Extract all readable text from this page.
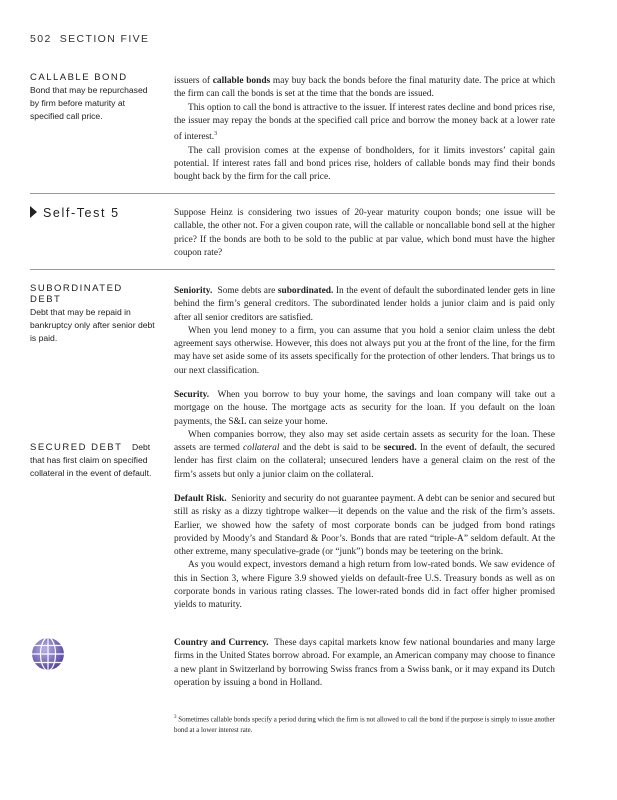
502 SECTION FIVE
CALLABLE BOND
Bond that may be repurchased by firm before maturity at specified call price.

issuers of callable bonds may buy back the bonds before the final maturity date. The price at which the firm can call the bonds is set at the time that the bonds are issued.

This option to call the bond is attractive to the issuer. If interest rates decline and bond prices rise, the issuer may repay the bonds at the specified call price and borrow the money back at a lower rate of interest.$^3$

The call provision comes at the expense of bondholders, for it limits investors’ capital gain potential. If interest rates fall and bond prices rise, holders of callable bonds may find their bonds bought back by the firm for the call price.

Self-Test 5	Suppose Heinz is considering two issues of 20-year maturity coupon bonds; one issue will be callable, the other not. For a given coupon rate, will the callable or noncallable bond sell at the higher price? If the bonds are both to be sold to the public at par value, which bond must have the higher coupon rate?
SUBORDINATED DEBT
Debt that may be repaid in bankruptcy only after senior debt is paid.

Seniority. Some debts are subordinated. In the event of default the subordinated lender gets in line behind the firm’s general creditors. The subordinated lender holds a junior claim and is paid only after all senior creditors are satisfied.

When you lend money to a firm, you can assume that you hold a senior claim unless the debt agreement says otherwise. However, this does not always put you at the front of the line, for the firm may have set aside some of its assets specifically for the protection of other lenders. That brings us to our next classification.

Security. When you borrow to buy your home, the savings and loan company will take out a mortgage on the house. The mortgage acts as security for the loan. If you default on the loan payments, the S&L can seize your home.

When companies borrow, they also may set aside certain assets as security for the loan. These assets are termed collateral and the debt is said to be secured. In the event of default, the secured lender has first claim on the collateral; unsecured lenders have a general claim on the rest of the firm’s assets but only a junior claim on the collateral.

SECURED DEBT Debt that has first claim on specified collateral in the event of default.

Default Risk. Seniority and security do not guarantee payment. A debt can be senior and secured but still as risky as a dizzy tightrope walker—it depends on the value and the risk of the firm’s assets. Earlier, we showed how the safety of most corporate bonds can be judged from bond ratings provided by Moody’s and Standard & Poor’s. Bonds that are rated “triple-A” seldom default. At the other extreme, many speculative-grade (or “junk”) bonds may be teetering on the brink.

As you would expect, investors demand a high return from low-rated bonds. We saw evidence of this in Section 3, where Figure 3.9 showed yields on default-free U.S. Treasury bonds as well as on corporate bonds in various rating classes. The lower-rated bonds did in fact offer higher promised yields to maturity.

Country and Currency. These days capital markets know few national boundaries and many large firms in the United States borrow abroad. For example, an American company may choose to finance a new plant in Switzerland by borrowing Swiss francs from a Swiss bank, or it may expand its Dutch operation by issuing a bond in Holland.

$^3$ Sometimes callable bonds specify a period during which the firm is not allowed to call the bond if the purpose is simply to issue another bond at a lower interest rate.
